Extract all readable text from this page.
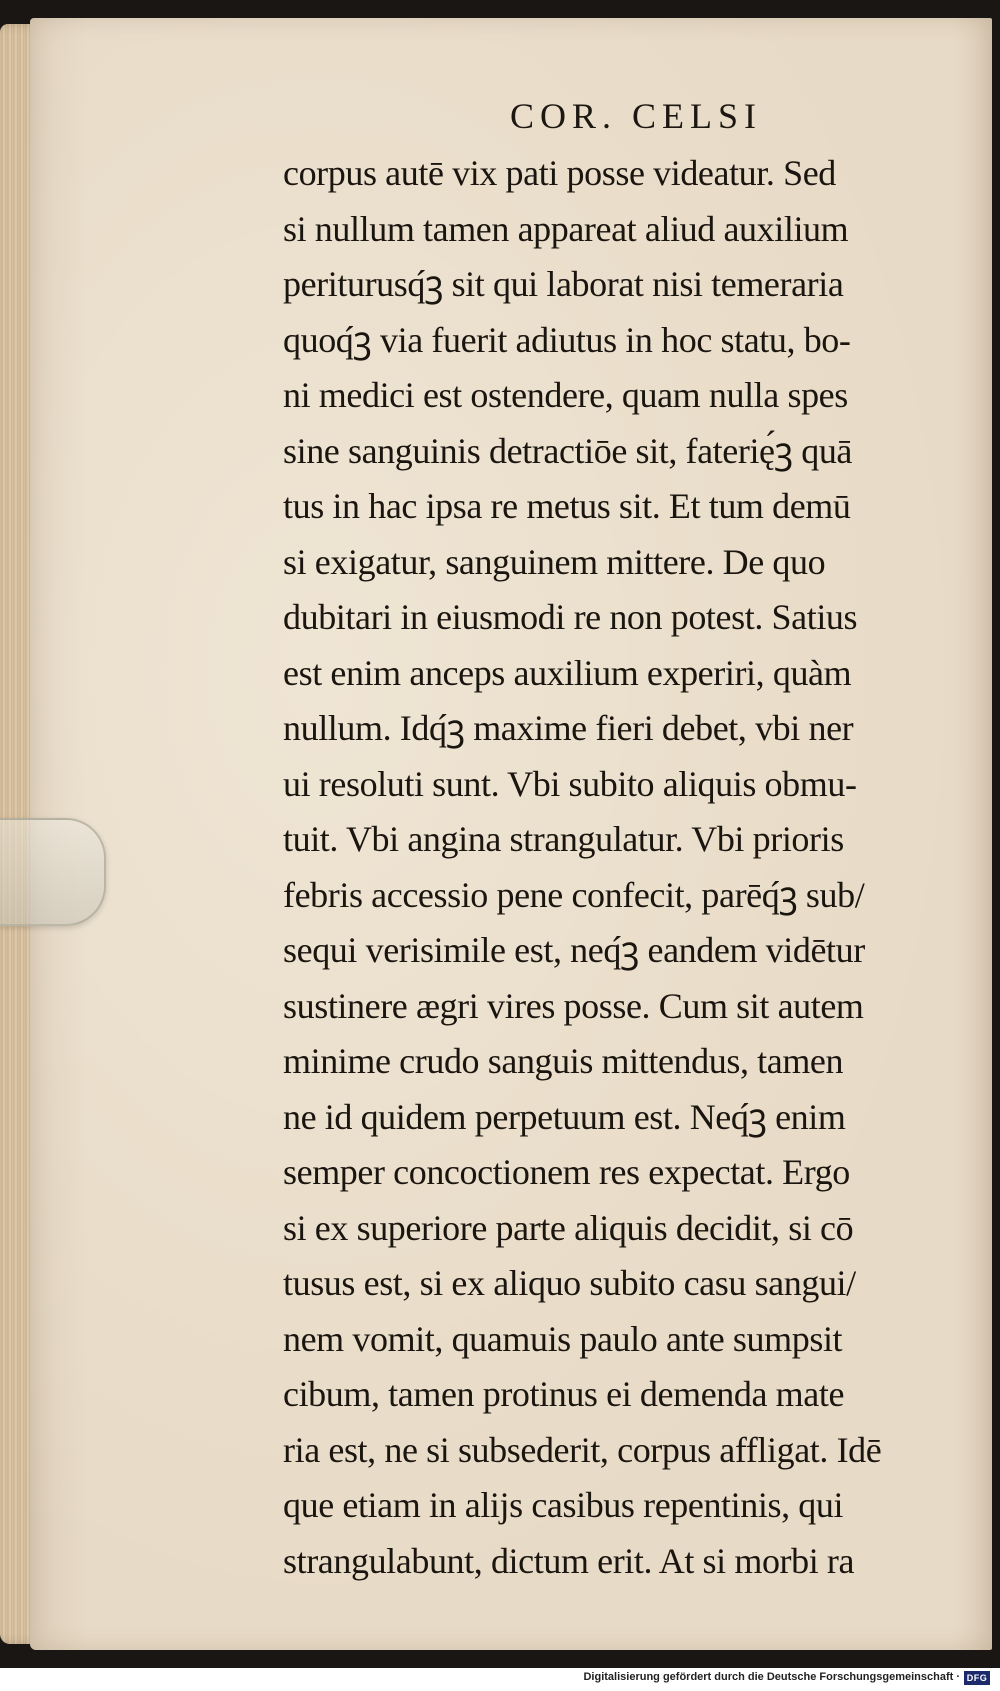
COR. CELSI
corpus autē vix pati posse videatur. Sed
si nullum tamen appareat aliud auxilium
periturusq́ꝫ sit qui laborat nisi temeraria
quoq́ꝫ via fuerit adiutus in hoc statu, bo-
ni medici est ostendere, quam nulla spes
sine sanguinis detractiōe sit, faterię́ꝫ quā
tus in hac ipsa re metus sit. Et tum demū
si exigatur, sanguinem mittere. De quo
dubitari in eiusmodi re non potest. Satius
est enim anceps auxilium experiri, quàm
nullum. Idq́ꝫ maxime fieri debet, vbi ner
ui resoluti sunt. Vbi subito aliquis obmu-
tuit. Vbi angina strangulatur. Vbi prioris
febris accessio pene confecit, parēq́ꝫ sub/
sequi verisimile est, neq́ꝫ eandem vidētur
sustinere ægri vires posse. Cum sit autem
minime crudo sanguis mittendus, tamen
ne id quidem perpetuum est. Neq́ꝫ enim
semper concoctionem res expectat. Ergo
si ex superiore parte aliquis decidit, si cō
tusus est, si ex aliquo subito casu sangui/
nem vomit, quamuis paulo ante sumpsit
cibum, tamen protinus ei demenda mate
ria est, ne si subsederit, corpus affligat. Idē
que etiam in alijs casibus repentinis, qui
strangulabunt, dictum erit. At si morbi ra
Digitalisierung gefördert durch die Deutsche Forschungsgemeinschaft · DFG
